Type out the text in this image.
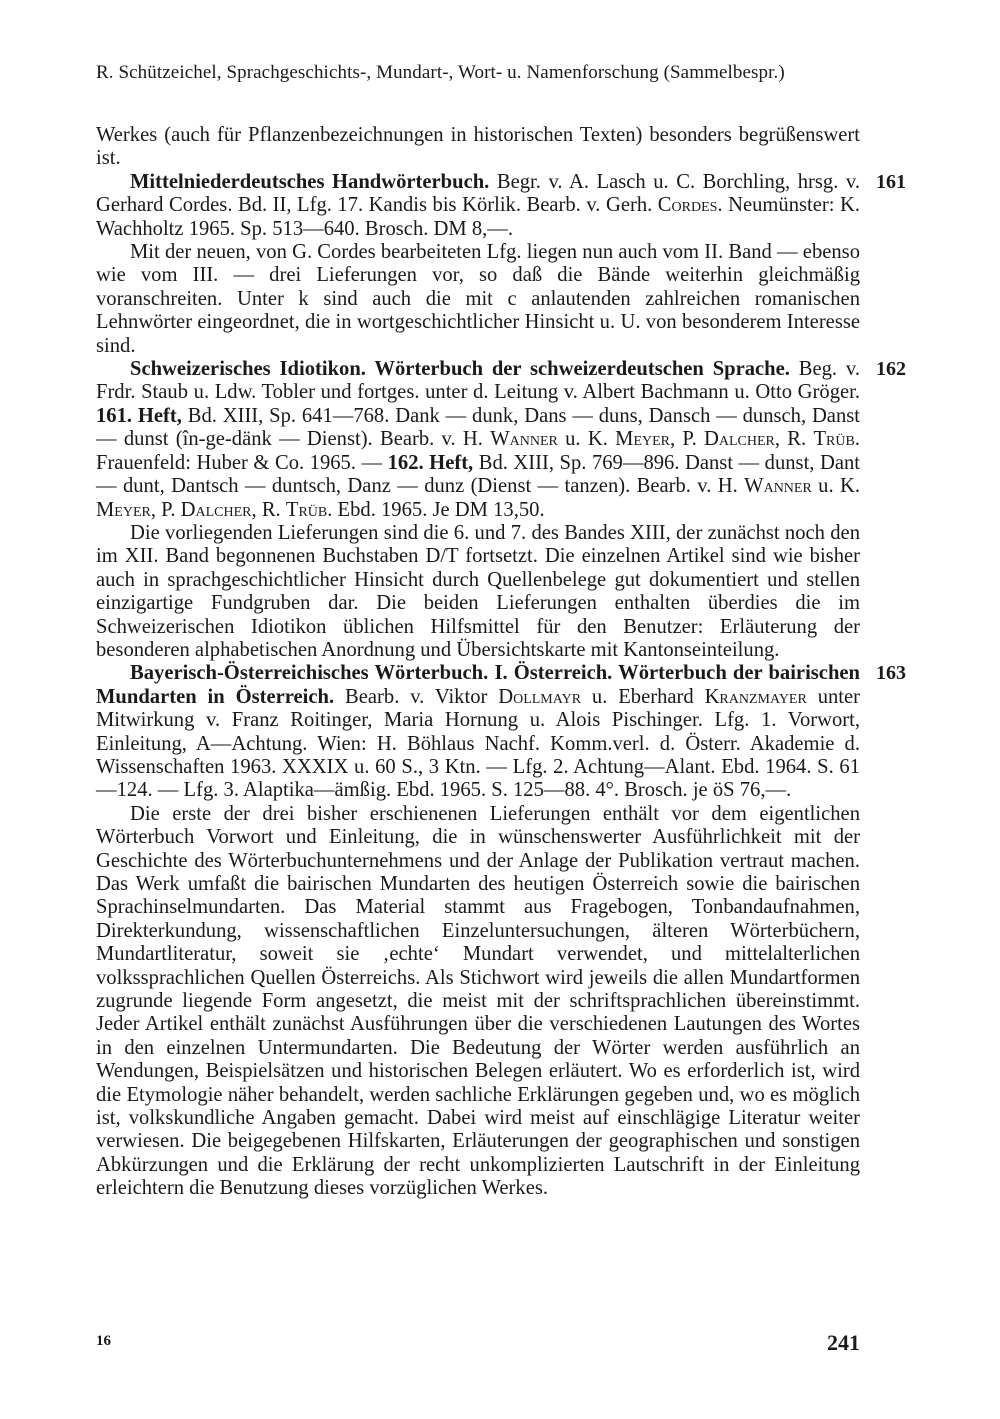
R. Schützeichel, Sprachgeschichts-, Mundart-, Wort- u. Namenforschung (Sammelbespr.)

Werkes (auch für Pflanzenbezeichnungen in historischen Texten) besonders begrüßenswert ist.

161
Mittelniederdeutsches Handwörterbuch. Begr. v. A. Lasch u. C. Borchling, hrsg. v. Gerhard Cordes. Bd. II, Lfg. 17. Kandis bis Körlik. Bearb. v. Gerh. Cordes. Neumünster: K. Wachholtz 1965. Sp. 513—640. Brosch. DM 8,—.

Mit der neuen, von G. Cordes bearbeiteten Lfg. liegen nun auch vom II. Band — ebenso wie vom III. — drei Lieferungen vor, so daß die Bände weiterhin gleichmäßig voranschreiten. Unter k sind auch die mit c anlautenden zahlreichen romanischen Lehnwörter eingeordnet, die in wortgeschichtlicher Hinsicht u. U. von besonderem Interesse sind.

162
Schweizerisches Idiotikon. Wörterbuch der schweizerdeutschen Sprache. Beg. v. Frdr. Staub u. Ldw. Tobler und fortges. unter d. Leitung v. Albert Bachmann u. Otto Gröger. 161. Heft, Bd. XIII, Sp. 641—768. Dank — dunk, Dans — duns, Dansch — dunsch, Danst — dunst (în-ge-dänk — Dienst). Bearb. v. H. Wanner u. K. Meyer, P. Dalcher, R. Trüb. Frauenfeld: Huber & Co. 1965. — 162. Heft, Bd. XIII, Sp. 769—896. Danst — dunst, Dant — dunt, Dantsch — duntsch, Danz — dunz (Dienst — tanzen). Bearb. v. H. Wanner u. K. Meyer, P. Dalcher, R. Trüb. Ebd. 1965. Je DM 13,50.

Die vorliegenden Lieferungen sind die 6. und 7. des Bandes XIII, der zunächst noch den im XII. Band begonnenen Buchstaben D/T fortsetzt. Die einzelnen Artikel sind wie bisher auch in sprachgeschichtlicher Hinsicht durch Quellenbelege gut dokumentiert und stellen einzigartige Fundgruben dar. Die beiden Lieferungen enthalten überdies die im Schweizerischen Idiotikon üblichen Hilfsmittel für den Benutzer: Erläuterung der besonderen alphabetischen Anordnung und Übersichtskarte mit Kantonseinteilung.

163
Bayerisch-Österreichisches Wörterbuch. I. Österreich. Wörterbuch der bairischen Mundarten in Österreich. Bearb. v. Viktor Dollmayr u. Eberhard Kranzmayer unter Mitwirkung v. Franz Roitinger, Maria Hornung u. Alois Pischinger. Lfg. 1. Vorwort, Einleitung, A—Achtung. Wien: H. Böhlaus Nachf. Komm.verl. d. Österr. Akademie d. Wissenschaften 1963. XXXIX u. 60 S., 3 Ktn. — Lfg. 2. Achtung—Alant. Ebd. 1964. S. 61—124. — Lfg. 3. Alaptika—ämßig. Ebd. 1965. S. 125—88. 4°. Brosch. je öS 76,—.

Die erste der drei bisher erschienenen Lieferungen enthält vor dem eigentlichen Wörterbuch Vorwort und Einleitung, die in wünschenswerter Ausführlichkeit mit der Geschichte des Wörterbuchunternehmens und der Anlage der Publikation vertraut machen. Das Werk umfaßt die bairischen Mundarten des heutigen Österreich sowie die bairischen Sprachinselmundarten. Das Material stammt aus Fragebogen, Tonbandaufnahmen, Direkterkundung, wissenschaftlichen Einzeluntersuchungen, älteren Wörterbüchern, Mundartliteratur, soweit sie ‚echte‘ Mundart verwendet, und mittelalterlichen volkssprachlichen Quellen Österreichs. Als Stichwort wird jeweils die allen Mundartformen zugrunde liegende Form angesetzt, die meist mit der schriftsprachlichen übereinstimmt. Jeder Artikel enthält zunächst Ausführungen über die verschiedenen Lautungen des Wortes in den einzelnen Untermundarten. Die Bedeutung der Wörter werden ausführlich an Wendungen, Beispielsätzen und historischen Belegen erläutert. Wo es erforderlich ist, wird die Etymologie näher behandelt, werden sachliche Erklärungen gegeben und, wo es möglich ist, volkskundliche Angaben gemacht. Dabei wird meist auf einschlägige Literatur weiter verwiesen. Die beigegebenen Hilfskarten, Erläuterungen der geographischen und sonstigen Abkürzungen und die Erklärung der recht unkomplizierten Lautschrift in der Einleitung erleichtern die Benutzung dieses vorzüglichen Werkes.

16	241
